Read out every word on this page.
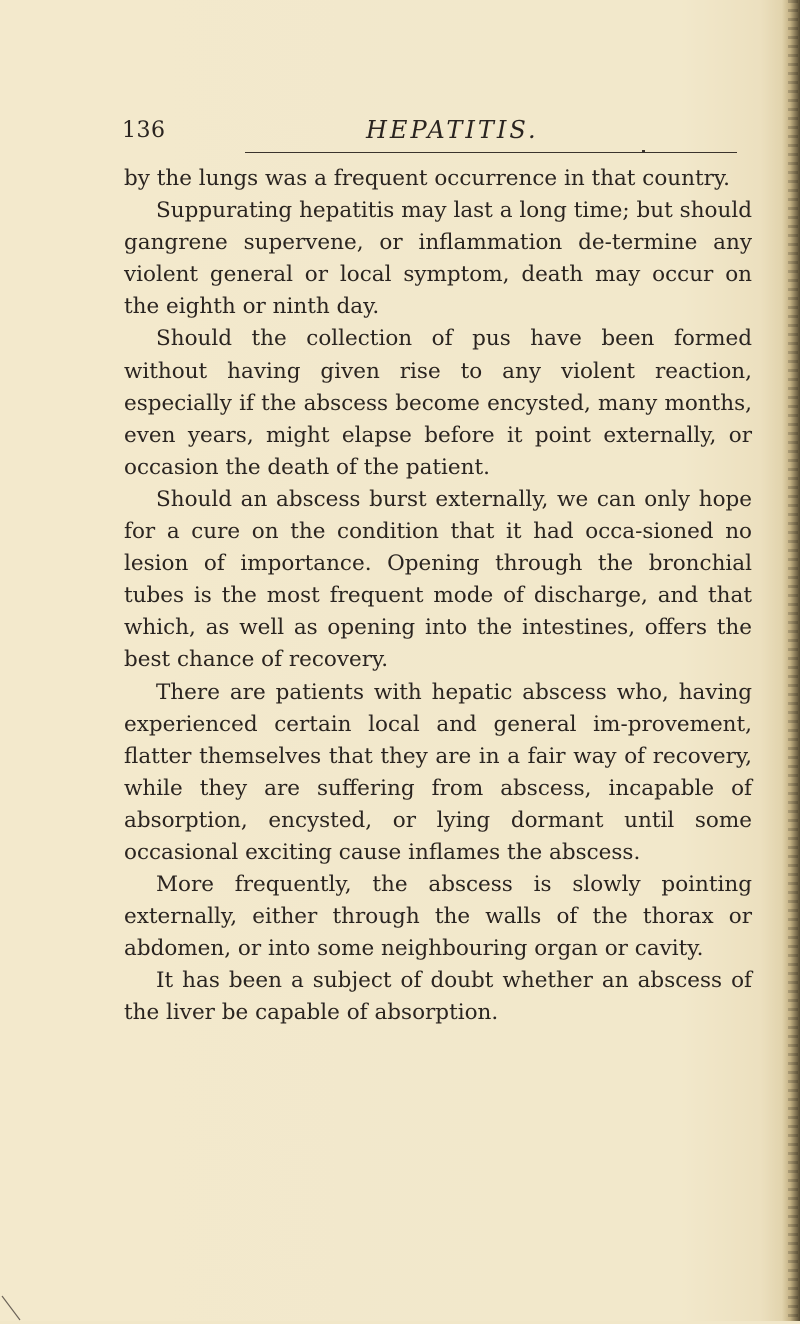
136	HEPATITIS.

by the lungs was a frequent occurrence in that country.

Suppurating hepatitis may last a long time; but should gangrene supervene, or inflammation de-termine any violent general or local symptom, death may occur on the eighth or ninth day.

Should the collection of pus have been formed without having given rise to any violent reaction, especially if the abscess become encysted, many months, even years, might elapse before it point externally, or occasion the death of the patient.

Should an abscess burst externally, we can only hope for a cure on the condition that it had occa-sioned no lesion of importance. Opening through the bronchial tubes is the most frequent mode of discharge, and that which, as well as opening into the intestines, offers the best chance of recovery.

There are patients with hepatic abscess who, having experienced certain local and general im-provement, flatter themselves that they are in a fair way of recovery, while they are suffering from abscess, incapable of absorption, encysted, or lying dormant until some occasional exciting cause inflames the abscess.

More frequently, the abscess is slowly pointing externally, either through the walls of the thorax or abdomen, or into some neighbouring organ or cavity.

It has been a subject of doubt whether an abscess of the liver be capable of absorption.
